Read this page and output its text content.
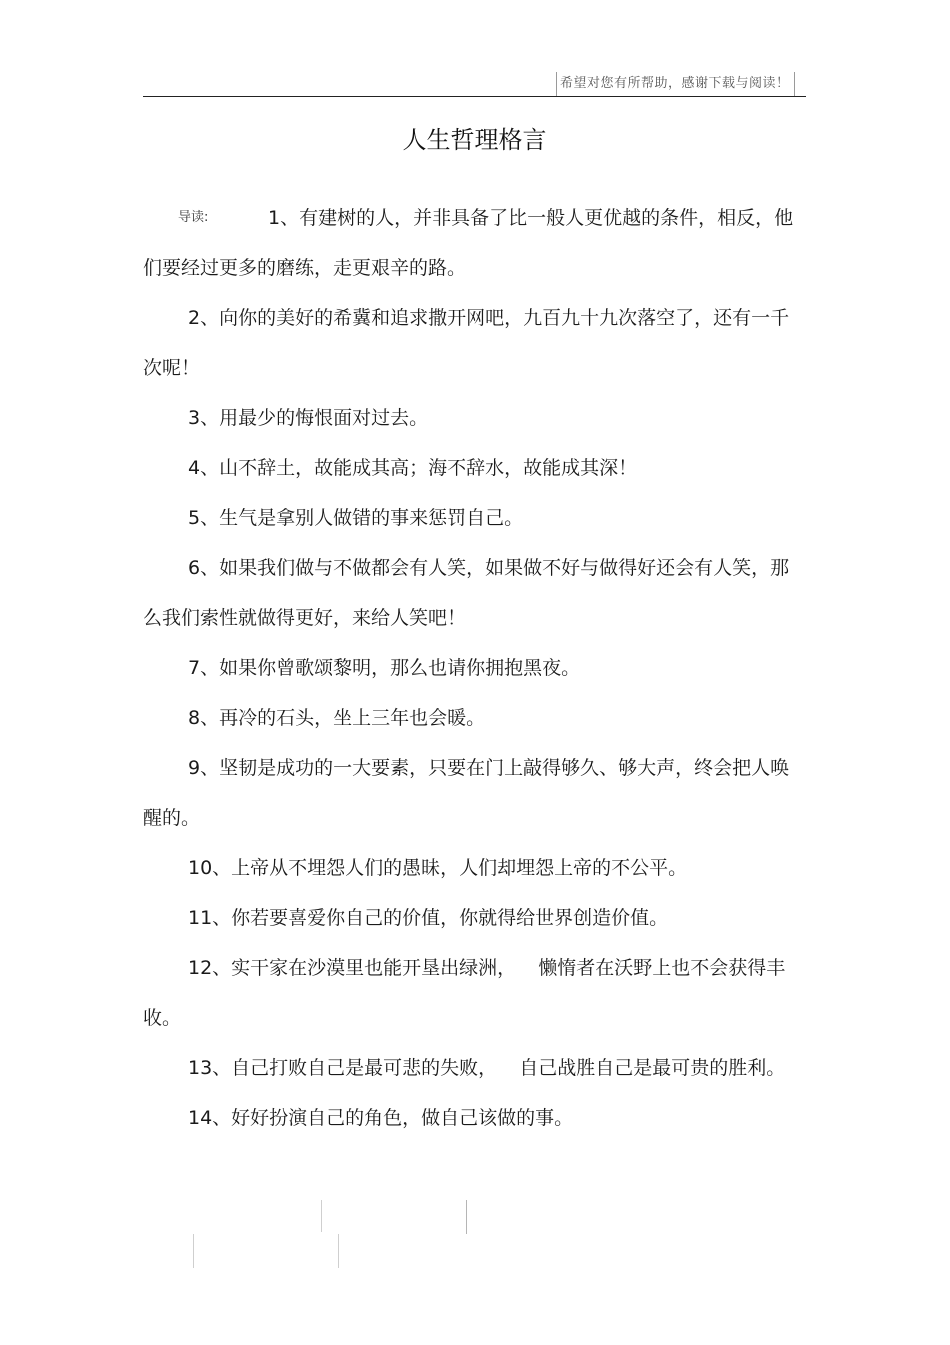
希望对您有所帮助，感谢下载与阅读！
人生哲理格言

导读:	1、有建树的人，并非具备了比一般人更优越的条件，相反，他们要经过更多的磨练，走更艰辛的路。

2、向你的美好的希冀和追求撒开网吧，九百九十九次落空了，还有一千次呢！

3、用最少的悔恨面对过去。

4、山不辞土，故能成其高；海不辞水，故能成其深！

5、生气是拿别人做错的事来惩罚自己。

6、如果我们做与不做都会有人笑，如果做不好与做得好还会有人笑，那么我们索性就做得更好，来给人笑吧！

7、如果你曾歌颂黎明，那么也请你拥抱黑夜。

8、再冷的石头，坐上三年也会暖。

9、坚韧是成功的一大要素，只要在门上敲得够久、够大声，终会把人唤醒的。

10、上帝从不埋怨人们的愚昧，人们却埋怨上帝的不公平。

11、你若要喜爱你自己的价值，你就得给世界创造价值。

12、实干家在沙漠里也能开垦出绿洲， 懒惰者在沃野上也不会获得丰收。

13、自己打败自己是最可悲的失败， 自己战胜自己是最可贵的胜利。

14、好好扮演自己的角色，做自己该做的事。
